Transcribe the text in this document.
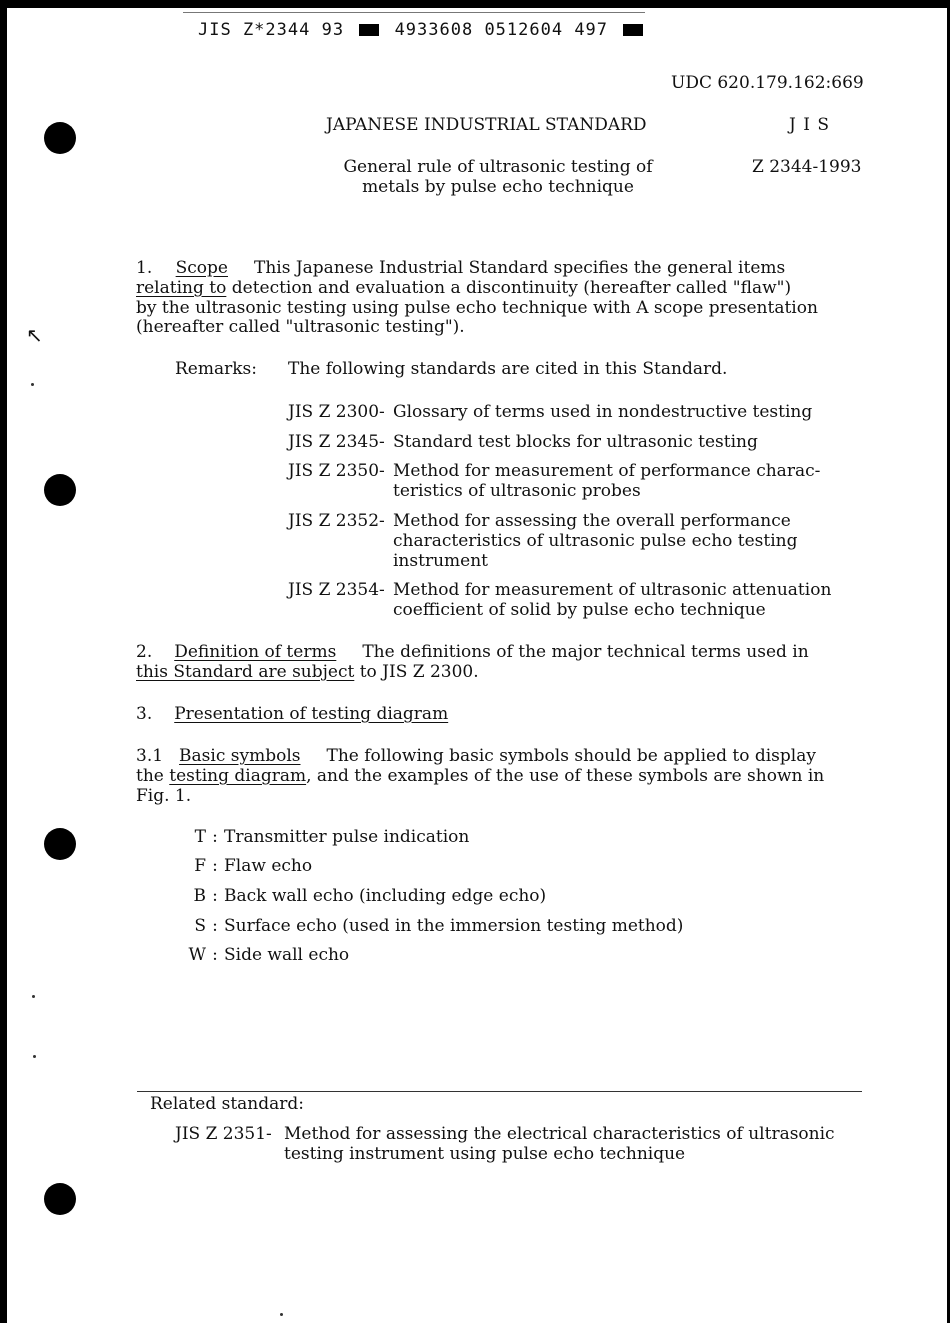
↖
JIS Z*2344 93	4933608 0512604 497
UDC 620.179.162:669
JAPANESE INDUSTRIAL STANDARD	J I S
General rule of ultrasonic testing of
metals by pulse echo technique
Z 2344-1993
1. Scope This Japanese Industrial Standard specifies the general items
relating to detection and evaluation a discontinuity (hereafter called "flaw")
by the ultrasonic testing using pulse echo technique with A scope presentation
(hereafter called "ultrasonic testing").
Remarks: The following standards are cited in this Standard.
JIS Z 2300- Glossary of terms used in nondestructive testing
JIS Z 2345- Standard test blocks for ultrasonic testing
JIS Z 2350- Method for measurement of performance charac- teristics of ultrasonic probes
JIS Z 2352- Method for assessing the overall performance characteristics of ultrasonic pulse echo testing instrument
JIS Z 2354- Method for measurement of ultrasonic attenuation coefficient of solid by pulse echo technique
2. Definition of terms The definitions of the major technical terms used in
this Standard are subject to JIS Z 2300.
3. Presentation of testing diagram
3.1 Basic symbols The following basic symbols should be applied to display
the testing diagram, and the examples of the use of these symbols are shown in
Fig. 1.
T : Transmitter pulse indication
F : Flaw echo
B : Back wall echo (including edge echo)
S : Surface echo (used in the immersion testing method)
W : Side wall echo
Related standard:
JIS Z 2351- Method for assessing the electrical characteristics of ultrasonic
testing instrument using pulse echo technique
